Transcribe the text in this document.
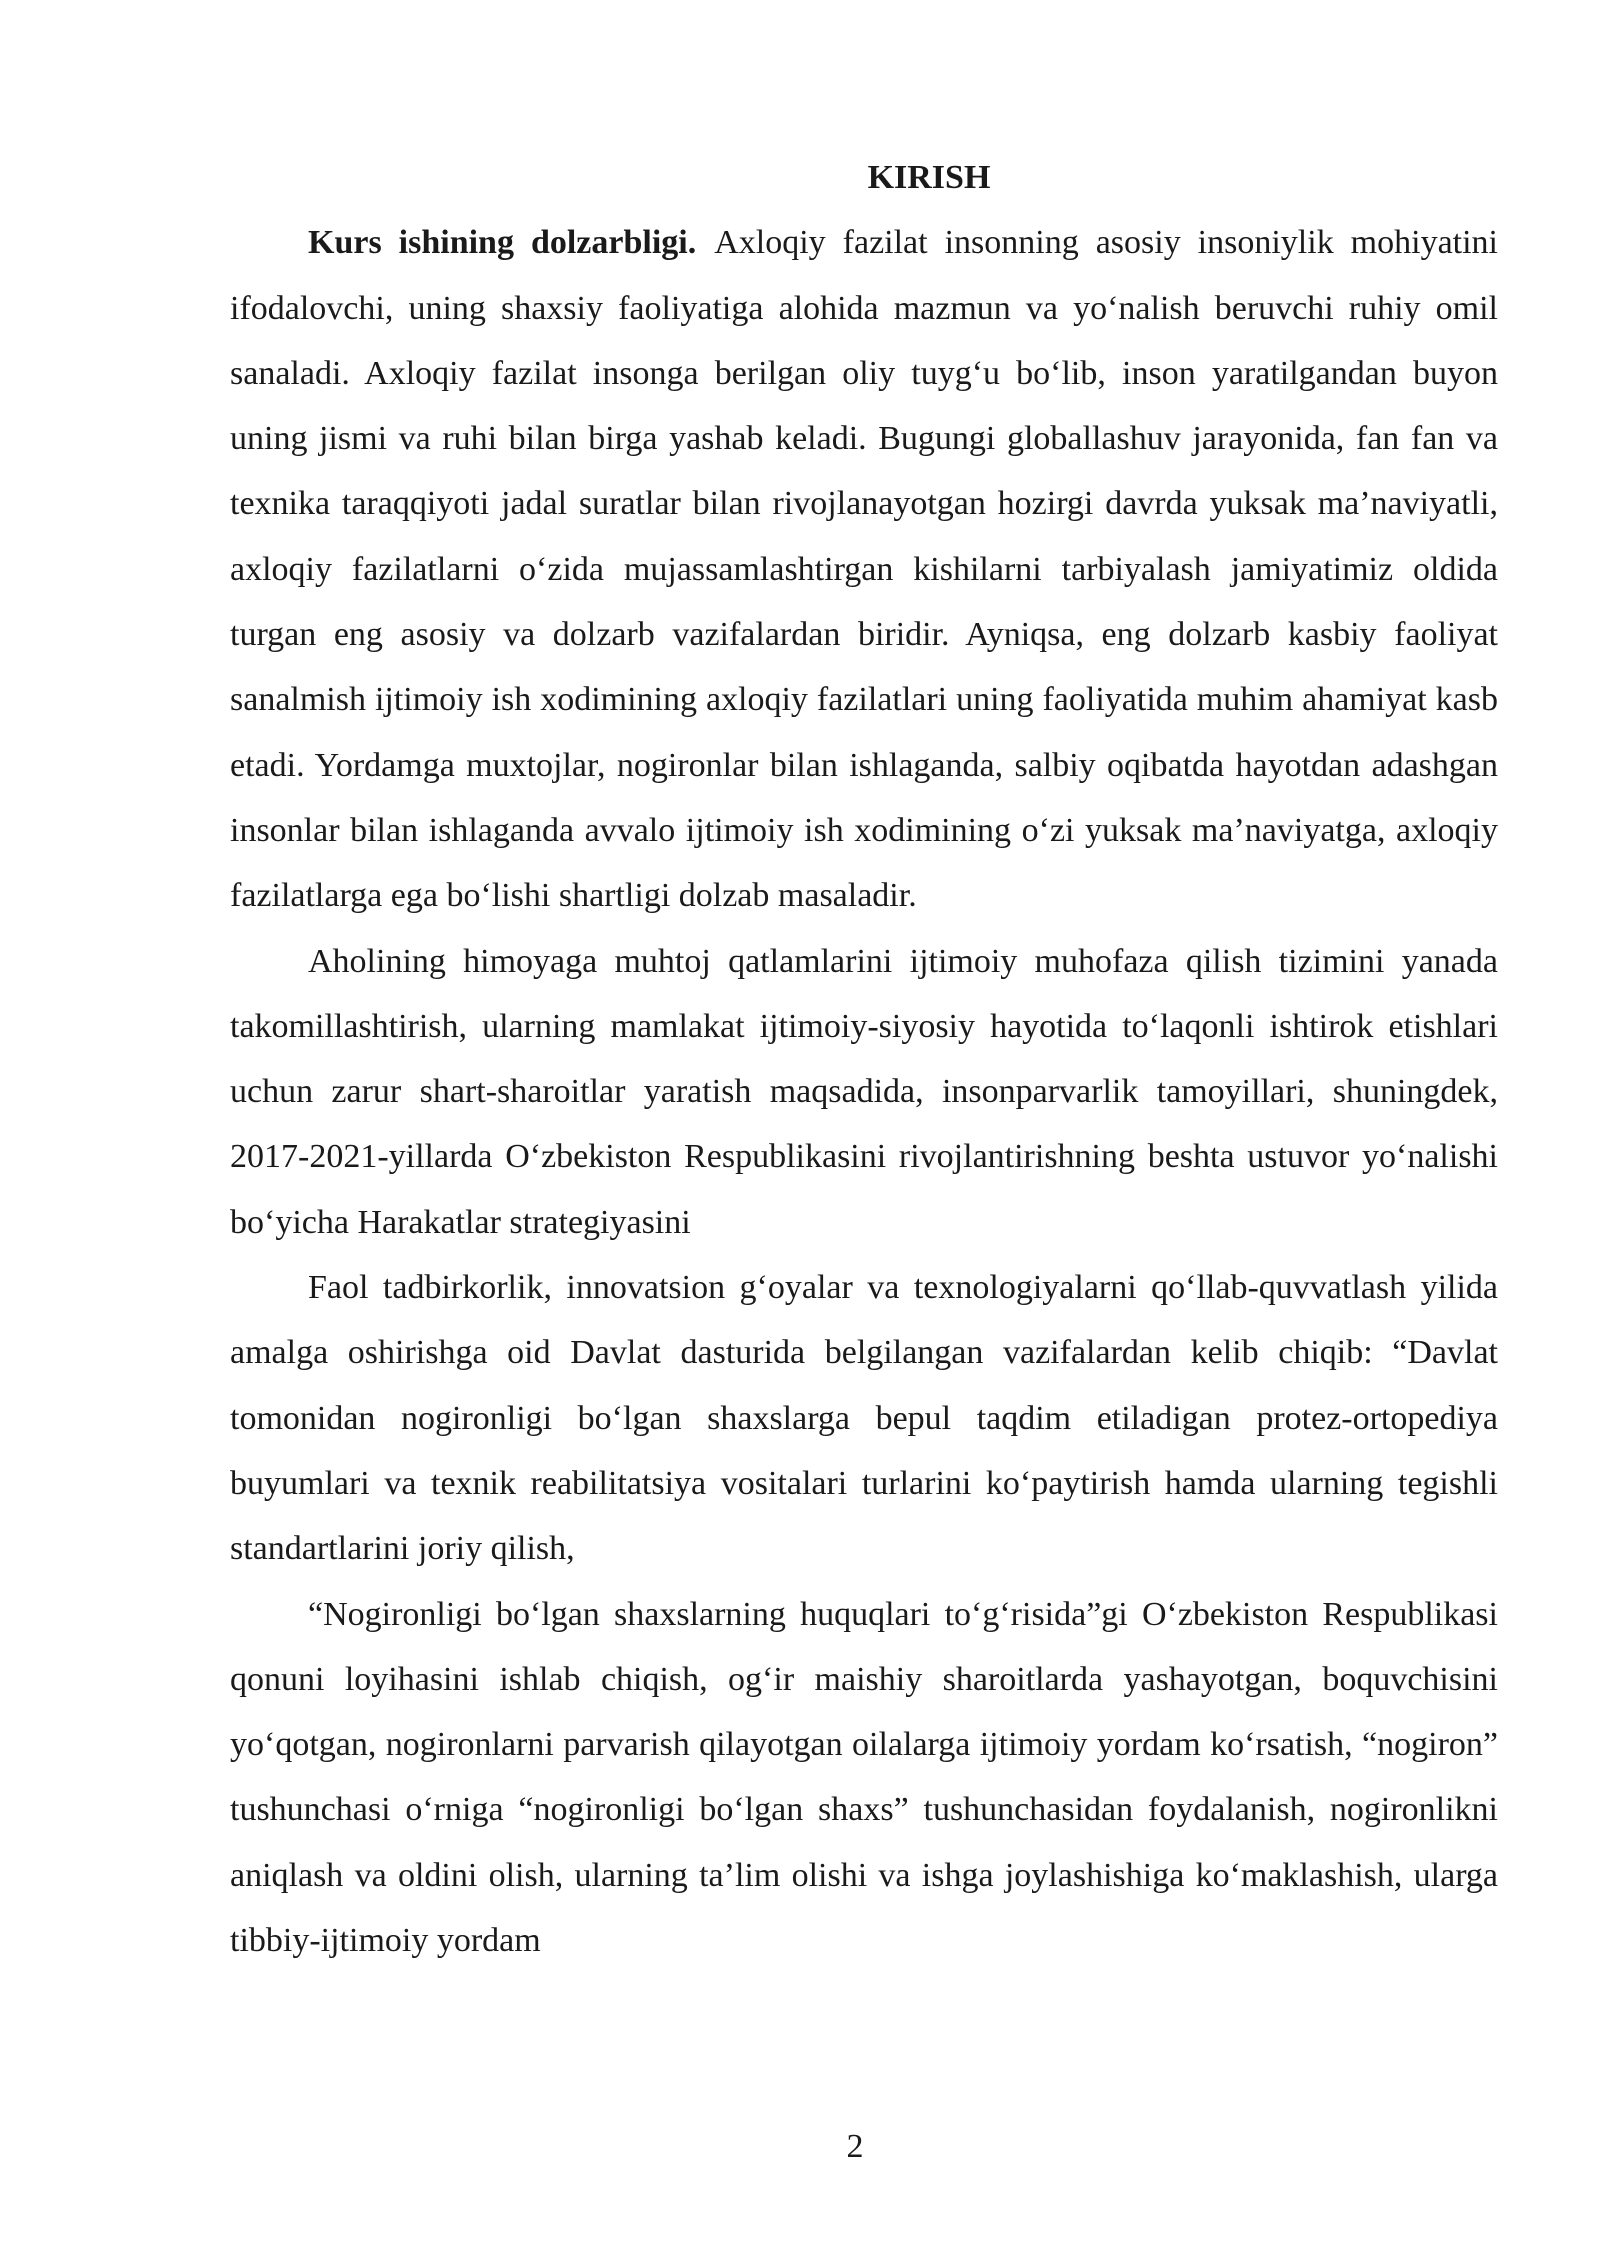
KIRISH

Kurs ishining dolzarbligi. Axloqiy fazilat insonning asosiy insoniylik mohiyatini ifodalovchi, uning shaxsiy faoliyatiga alohida mazmun va yo‘nalish beruvchi ruhiy omil sanaladi. Axloqiy fazilat insonga berilgan oliy tuyg‘u bo‘lib, inson yaratilgandan buyon uning jismi va ruhi bilan birga yashab keladi. Bugungi globallashuv jarayonida, fan fan va texnika taraqqiyoti jadal suratlar bilan rivojlanayotgan hozirgi davrda yuksak ma’naviyatli, axloqiy fazilatlarni o‘zida mujassamlashtirgan kishilarni tarbiyalash jamiyatimiz oldida turgan eng asosiy va dolzarb vazifalardan biridir. Ayniqsa, eng dolzarb kasbiy faoliyat sanalmish ijtimoiy ish xodimining axloqiy fazilatlari uning faoliyatida muhim ahamiyat kasb etadi. Yordamga muxtojlar, nogironlar bilan ishlaganda, salbiy oqibatda hayotdan adashgan insonlar bilan ishlaganda avvalo ijtimoiy ish xodimining o‘zi yuksak ma’naviyatga, axloqiy fazilatlarga ega bo‘lishi shartligi dolzab masaladir.

Aholining himoyaga muhtoj qatlamlarini ijtimoiy muhofaza qilish tizimini yanada takomillashtirish, ularning mamlakat ijtimoiy-siyosiy hayotida to‘laqonli ishtirok etishlari uchun zarur shart-sharoitlar yaratish maqsadida, insonparvarlik tamoyillari, shuningdek, 2017-2021-yillarda O‘zbekiston Respublikasini rivojlantirishning beshta ustuvor yo‘nalishi bo‘yicha Harakatlar strategiyasini

Faol tadbirkorlik, innovatsion g‘oyalar va texnologiyalarni qo‘llab-quvvatlash yilida amalga oshirishga oid Davlat dasturida belgilangan vazifalardan kelib chiqib: “Davlat tomonidan nogironligi bo‘lgan shaxslarga bepul taqdim etiladigan protez-ortopediya buyumlari va texnik reabilitatsiya vositalari turlarini ko‘paytirish hamda ularning tegishli standartlarini joriy qilish,

“Nogironligi bo‘lgan shaxslarning huquqlari to‘g‘risida”gi O‘zbekiston Respublikasi qonuni loyihasini ishlab chiqish, og‘ir maishiy sharoitlarda yashayotgan, boquvchisini yo‘qotgan, nogironlarni parvarish qilayotgan oilalarga ijtimoiy yordam ko‘rsatish, “nogiron” tushunchasi o‘rniga “nogironligi bo‘lgan shaxs” tushunchasidan foydalanish, nogironlikni aniqlash va oldini olish, ularning ta’lim olishi va ishga joylashishiga ko‘maklashish, ularga tibbiy-ijtimoiy yordam

2
